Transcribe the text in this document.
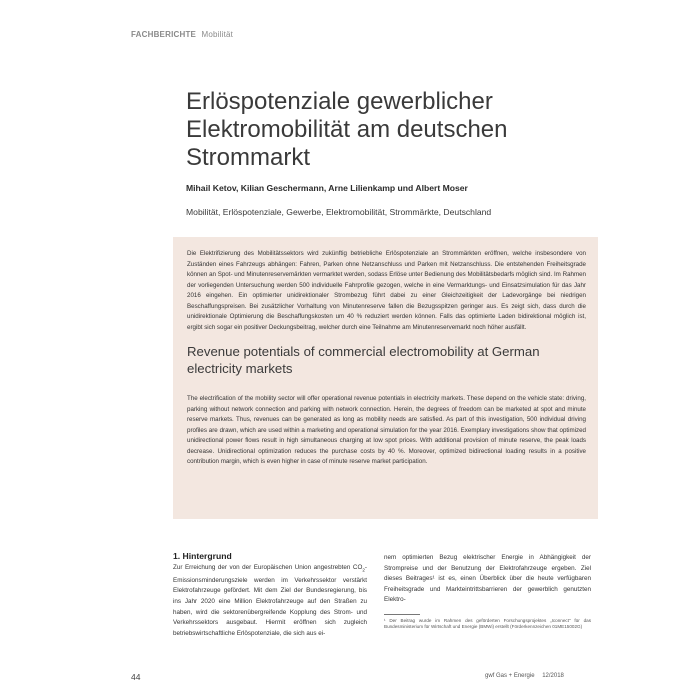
FACHBERICHTE Mobilität
Erlöspotenziale gewerblicher
Elektromobilität am deutschen
Strommarkt
Mihail Ketov, Kilian Geschermann, Arne Lilienkamp und Albert Moser
Mobilität, Erlöspotenziale, Gewerbe, Elektromobilität, Strommärkte, Deutschland
Die Elektrifizierung des Mobilitätssektors wird zukünftig betriebliche Erlöspotenziale an Strommärkten eröffnen, welche insbesondere von Zuständen eines Fahrzeugs abhängen: Fahren, Parken ohne Netzanschluss und Parken mit Netzanschluss. Die entstehenden Freiheitsgrade können an Spot- und Minutenreservemärkten vermarktet werden, sodass Erlöse unter Bedienung des Mobilitätsbedarfs möglich sind. Im Rahmen der vorliegenden Untersuchung werden 500 individuelle Fahrprofile gezogen, welche in eine Vermarktungs- und Einsatzsimulation für das Jahr 2016 eingehen. Ein optimierter unidirektionaler Strombezug führt dabei zu einer Gleichzeitigkeit der Ladevorgänge bei niedrigen Beschaffungspreisen. Bei zusätzlicher Vorhaltung von Minutenreserve fallen die Bezugsspitzen geringer aus. Es zeigt sich, dass durch die unidirektionale Optimierung die Beschaffungskosten um 40 % reduziert werden können. Falls das optimierte Laden bidirektional möglich ist, ergibt sich sogar ein positiver Deckungsbeitrag, welcher durch eine Teilnahme am Minutenreservemarkt noch höher ausfällt.
Revenue potentials of commercial electromobility at German electricity markets
The electrification of the mobility sector will offer operational revenue potentials in electricity markets. These depend on the vehicle state: driving, parking without network connection and parking with network connection. Herein, the degrees of freedom can be marketed at spot and minute reserve markets. Thus, revenues can be generated as long as mobility needs are satisfied. As part of this investigation, 500 individual driving profiles are drawn, which are used within a marketing and operational simulation for the year 2016. Exemplary investigations show that optimized unidirectional power flows result in high simultaneous charging at low spot prices. With additional provision of minute reserve, the peak loads decrease. Unidirectional optimization reduces the purchase costs by 40 %. Moreover, optimized bidirectional loading results in a positive contribution margin, which is even higher in case of minute reserve market participation.
1. Hintergrund
Zur Erreichung der von der Europäischen Union angestrebten $CO_2$-Emissionsminderungsziele werden im Verkehrssektor verstärkt Elektrofahrzeuge gefördert. Mit dem Ziel der Bundesregierung, bis ins Jahr 2020 eine Million Elektrofahrzeuge auf den Straßen zu haben, wird die sektorenübergreifende Kopplung des Strom- und Verkehrssektors ausgebaut. Hiermit eröffnen sich zugleich betriebswirtschaftliche Erlöspotenziale, die sich aus ei-
nem optimierten Bezug elektrischer Energie in Abhängigkeit der Strompreise und der Benutzung der Elektrofahrzeuge ergeben. Ziel dieses Beitrages¹ ist es, einen Überblick über die heute verfügbaren Freiheitsgrade und Markteintrittsbarrieren der gewerblich genutzten Elektro-
¹ Der Beitrag wurde im Rahmen des geförderten Forschungsprojektes „Iconnect" für das Bundesministerium für Wirtschaft und Energie (BMWi) erstellt (Förderkennzeichen 01ME15002G)
44	gwf Gas + Energie 12/2018
